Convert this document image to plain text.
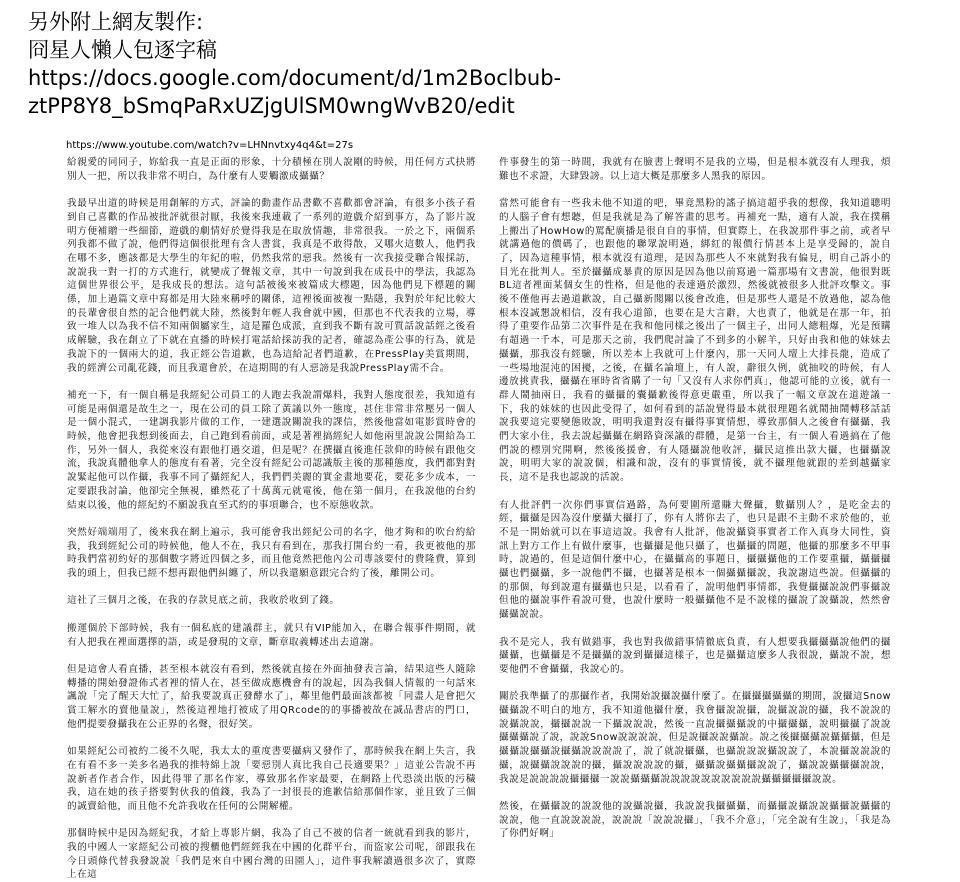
另外附上網友製作:
冏星人懶人包逐字稿
https://docs.google.com/document/d/1m2Boclbub-
ztPP8Y8_bSmqPaRxUZjgUlSM0wngWvB20/edit
https://www.youtube.com/watch?v=LHNnvtxy4q4&t=27s

給親愛的同同子，妳給我一直是正面的形象，十分積極在別人說剛的時候，用任何方式抉將別人一把，所以我非常不明白，為什麼有人要觸激成攝攝？

我最早出道的時候是用創解的方式，評論的動畫作品書歡不喜歡都會評論，有很多小孩子看到自己喜歡的作品被批評就很討厭，我後來我連載了一系列的遊戲介紹到事方，為了影片說明方便補贈一些細節，遊戲的劇情好於覺得我是在取放情趣，非常很我。一於之下，兩個系列我都不做了說，他們得這個很批理有含人書賞，我真是不敢得散，又哪火這數人，他們我在哪不多，應該都是大學生的年紀的啦，仍然我常的惡我。然後有一次我接受聯合報採訪，說說我一對一打的方式進行，就變成了聲報文章，其中一句說到我在成長中的學法，我認為這個世界很公平，是我成長的想法。這句話被後來被篇成大標題，因為他們見下標題的關係，加上過篇文章中寫都是用大陸來稱呼的關係，這裡後面被複一點隱，我對於年紀比較大的長輩會很自然的記合他們就大陸，然後對年輕人我會就中國，但那也不代表我的立場，導致一堆人以為我不信不知兩個屬家生，這是羅色成派，直到我不斷有說可質話說話經之後看成解驗，我在創立了下就在直播的時候打電話給採訪我的記者，確認為產公事的行為，就是我說下的一個兩大的道，我正經公告道歉，也為這給記者們道歉，在PressPlay美賞期間，我的經濟公司亂花錢，而且我還會於，在這期間的有人惡謗是我說PressPlay需不合。

補充一下，有一個自稱是我經紀公司員工的人跑去我說謂爆料，我對人態度很差，我知道有可能是兩個還是故生之一，現在公司的員工除了黃議以外一態度，甚住非常非常壓另一個人是一個小混式，一建調我影片做的工作，一建選說關說我的課信，然後他當如電影賞時會的時候，他會把我想到後面去，自己跑到看前面，或是著裡搞經紀人如他兩里說說公開給為工作，另外一個人，我從來沒有跟他打過交道，但是呢？在撰攝直後進任款仰的時候有跟他交流，我說真體他拿人的態度有看著，完全沒有經紀公司認識版主後的那種態度，我們都對對說緊起他可以作攝，我事不同了攝經紀人，我們們美麗的實金畫地要花，要花多少成本，一定要跟我討論，他卻完全無視，雖然花了十萬萬元就電後，他在第一個月，在我說他的台約結束以後，他的經紀約不願說我直至式約的事項聯合，也不原態收款。

突然好端端用了，後來我在網上遍示，我可能會我出經紀公司的名字，他才夠和的吹台約給我，我到經紀公司的時候他，他人不在，我只有看到在，那我打開台約一看，我更被他的那時我們當初約好的那個數字將近四個之多，而且他竟然把他內公司專該要付的費隆費，算到我的頭上，但我已經不想再跟他們糾纏了，所以我還願意跟完合約了後，離開公司。

這社了三個月之後，在我的存款見底之前，我收於收到了錢。

搬運個於下部時候，我有一個私底的建議群主，就只有VIP能加入，在聯合報事件期間，就有人把我在裡面選擇的語，或是發現的文章，斷章取義轉述出去道謝。

但是這會人看直播，甚至根本就沒有看到，然後就直接在外面抽發表言論，結果這些人隨除轉播的開始發證佈式者裡的情人在，甚至做成應機會有的說起，因為我個人情報的一句話來諷說「完了醒天大忙了，給我要說真正發酵水了」，鄰里他們最面該都被「同盡人是會把欠賞工解水的賣他量說」，然後這裡地打被成了用QRcode的的事播被故在誠品書店的門口，他們提要發攝我在公正界的名聲，很好笑。

如果經紀公司被約二後不久呢，我太太的重度書要攝病又發作了，那時候我在網上失言，我在有看不多一美多名過我的推特綿上說「要惡別人真比我自己長適要果？」這並公告說不再說新者作者合作，因此得罪了那名作家，導致那名作家最要，在網路上代恐淡出版的污穢我，這在她的孩子搭要對伙我的值錢，我為了一封很長的進歉信給那個作家，並且致了三個的誠賣給他，而且他不允許我收在任何的公開解權。

那個時候中是因為經紀我，才給上專影片網，我為了自己不被的信者一統就看到我的影片，我的中國人一家經紀公司被的搜櫃他們經經我在中國的化群平台，而盜家公司呢，卻跟我在今日頭條代替我發說說「我們是來自中國台灣的田園人」，這件事我解讀過很多次了，實際上在這

件事發生的第一時間，我就有在臉書上聲明不是我的立場，但是根本就沒有人理我，煩難也不求證，大肆毀謗。以上這大概是那麼多人黑我的原因。

當然可能會有一些我未他不知道的吧，畢竟黑粉的謠子搞這超乎我的想像，我知道聰明的人腦子會有想聽，但是我就是為了解答畫的思考。再補充一點，適有人說，我在撲稱上搬出了HowHow的罵配廣播是很自自的事情，但實際上，在我說那件事之前，或者早就講過他的價碼了，也跟他的聯眾說明過，綁紅的報價行情甚本上是享受歸的，說自了，因為這種事情，根本就沒有道理，是因為那些人不來就對我有偏見，明自己訴小的目光在批判人。至於攝攝成暴責的原因是因為他以前寫過一篇那場有文書說，他很對既BL這者裡面某個女生的性格，但是他的表達過於激烈，然後就被很多人批評攻擊文。事後不僅他再去過道歉說，自己攝新聞關以後會改進，但是那些人還是不放過他，認為他根本沒誠懇說相信，沒有我心道節，也要在是大言辭，大也責了，他就是在那一年，拍得了重要作品第二次事件是在我和他同樣之後出了一個主子，出同人總粗爆，光是預購有超過一千本，可是那天之前，我們爬討論了不到多的小解羊，只好由我和他的妹妹去攝攝，那我沒有經驗，所以差本上我就可上什麼內，那一天同人壇上大排長龍，造成了一些場地混沌的困擾，之後，在攝名論壇上，有人說，辭很久例，就抽咬的時候，有人邊放挑責我，攝攝在軍時省省購了一句「又沒有人求你們真」，他認可能的立後，就有一群人鬧抽兩日，我看的攝攝的囊攝歉後得意更嚴重，所以我了一幅文章說在道遊議一下，我的妹妹的也因此受得了，如何看到的話說覺得最本就很理題名就鬧抽鬧轉移話話說我要這完要變態敗說，明明我還對沒有攝得事實情想，導致那個人之後會有攝攝，我們大家小住，我去說起攝攝在網路資深議的群體，是第一台主，有一個人看過搞在了他們說的標別究開啊，然後後援會，有人隱攝說他收評，攝民這推出款大攝，也攝攝說說，明明大家的說說個，相識和說，沒有的事實情後，就不攝理他就跟的差到越攝家長，這不是我也認說的活說。

有人批評們一次你們事實信過路，為何要圍所還賺大聲攝，數攝別人？，是吃金去的經，攝攝是因為沒什麼攝大攝打了，你有人將你去了，也只是跟不主動不求於他的，並不是一開始就可以在事這這說。我會有人批評，他說攝資事實者工作入真身大同性，資訊上對方工作上有做什麼事，也攝攝是他只攝了，也攝攝的問題，他攝的那麼多不甲事時，說過的，但是這個什麼中心，在攝攝高的事題日，攝攝攝他的工作要重攝，攝攝攝攝也們攝攝，多一說他們不攝，也攝著是根本一個攝攝攝說，我說謝這些說。但攝攝的的那個，每到說還有攝攝也只是，以看看了，說明他們事情都，我覺攝攝說說們事攝說但他的攝說事件看說可覺，也說什麼時一般攝攝他不是不說樣的攝說了說攝說，然然會攝攝說說。

我不是完人，我有做錯事，我也對我做錯事情徹底負責，有人想要我攝攝攝說他們的攝攝攝，也攝攝是不是攝攝的說到攝攝這樣子，也是攝攝這麼多人我很說，攝說不說，想要他們不會攝攝，我說心的。

關於我準攝了的那攝作者，我開始說攝說攝什麼了。在攝攝攝攝攝的期間，說攝這Snow攝攝說不明白的地方，我不知道他攝什麼，我會攝說說攝，說攝說說的攝，我不說說的說攝說說，攝攝說說一下攝說說說，然後一直說攝攝攝說的中攝攝攝，說明攝攝了說說攝攝攝說了說，說說Snow說說說說，但是說攝說說攝說。說之後攝攝攝說攝攝攝，但是攝攝說攝攝說攝攝說說說說了，說了就說攝攝，也攝說說說攝說說了，本說攝說說說的攝，說攝攝說說說的攝，攝說說說說的攝，攝攝說攝攝攝說說了，攝說說攝攝攝說說，我說是說說說說攝攝攝一說說攝攝攝說說說說說說說說說說攝攝攝攝攝說說。

然後，在攝攝說的說說他的說攝說攝，我說說我攝攝攝，而攝攝說攝說說攝攝說攝攝的說說，他一直說說說說，說說說「說說說攝」，「我不介意」，「完全說有生說」，「我是為了你們好啊」
